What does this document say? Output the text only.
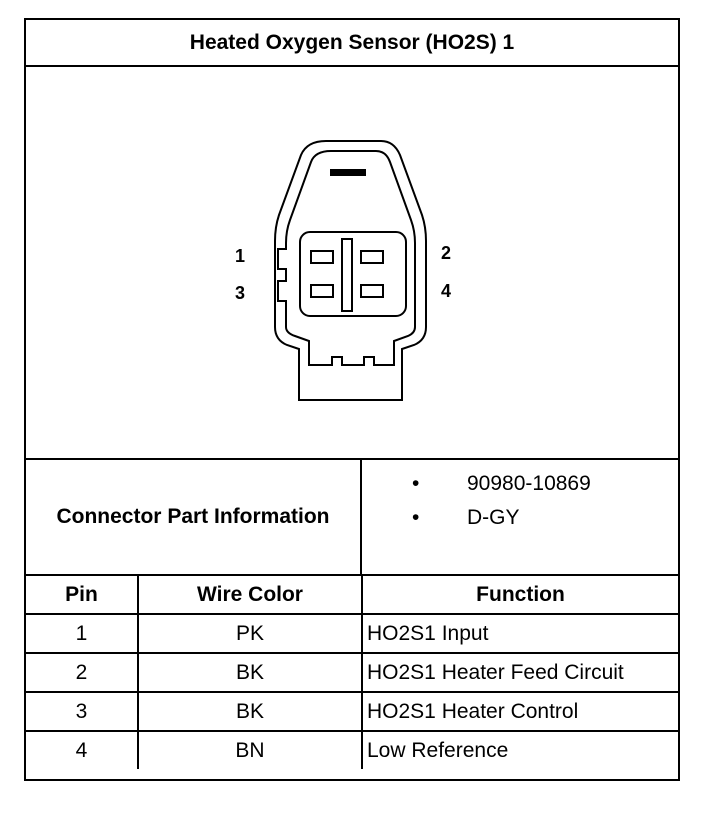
Heated Oxygen Sensor (HO2S) 1
1	2
3	4
Connector Part Information
• 90980-10869
• D-GY
Pin	Wire Color	Function
1	PK	HO2S1 Input
2	BK	HO2S1 Heater Feed Circuit
3	BK	HO2S1 Heater Control
4	BN	Low Reference
